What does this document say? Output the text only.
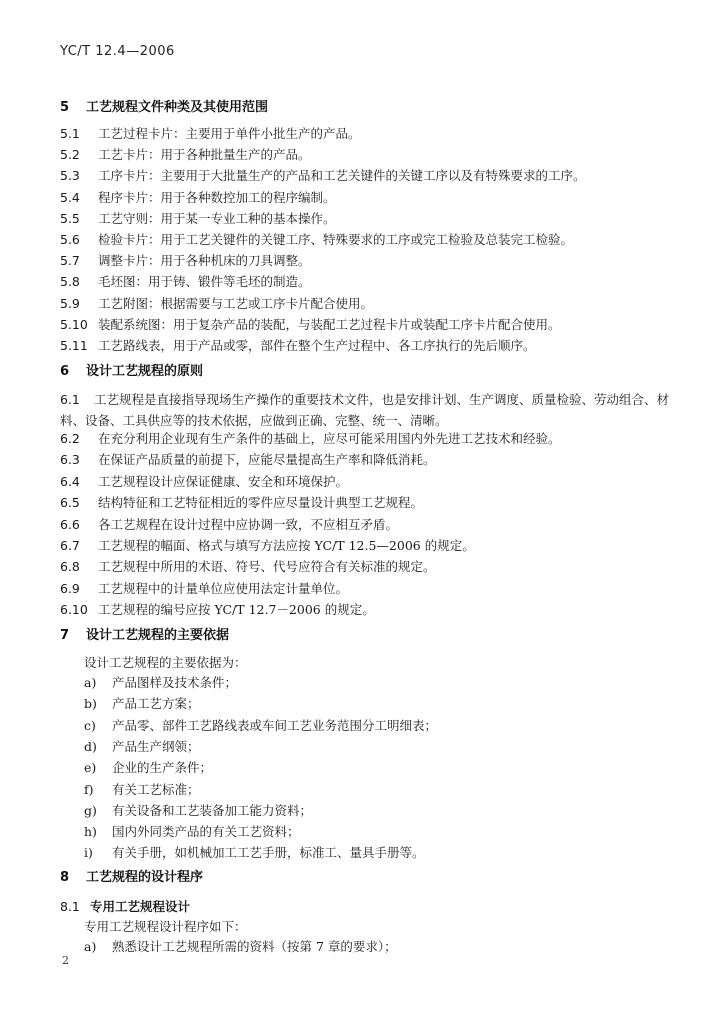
YC/T 12.4—2006
5 工艺规程文件种类及其使用范围
5.1 工艺过程卡片：主要用于单件小批生产的产品。
5.2 工艺卡片：用于各种批量生产的产品。
5.3 工序卡片：主要用于大批量生产的产品和工艺关键件的关键工序以及有特殊要求的工序。
5.4 程序卡片：用于各种数控加工的程序编制。
5.5 工艺守则：用于某一专业工种的基本操作。
5.6 检验卡片：用于工艺关键件的关键工序、特殊要求的工序或完工检验及总装完工检验。
5.7 调整卡片：用于各种机床的刀具调整。
5.8 毛坯图：用于铸、锻件等毛坯的制造。
5.9 工艺附图：根据需要与工艺或工序卡片配合使用。
5.10 装配系统图：用于复杂产品的装配，与装配工艺过程卡片或装配工序卡片配合使用。
5.11 工艺路线表，用于产品或零，部件在整个生产过程中、各工序执行的先后顺序。
6 设计工艺规程的原则
6.1 工艺规程是直接指导现场生产操作的重要技术文件，也是安排计划、生产调度、质量检验、劳动组合、材料、设备、工具供应等的技术依据，应做到正确、完整、统一、清晰。
6.2 在充分利用企业现有生产条件的基础上，应尽可能采用国内外先进工艺技术和经验。
6.3 在保证产品质量的前提下，应能尽量提高生产率和降低消耗。
6.4 工艺规程设计应保证健康、安全和环境保护。
6.5 结构特征和工艺特征相近的零件应尽量设计典型工艺规程。
6.6 各工艺规程在设计过程中应协调一致，不应相互矛盾。
6.7 工艺规程的幅面、格式与填写方法应按 YC/T 12.5—2006 的规定。
6.8 工艺规程中所用的术语、符号、代号应符合有关标准的规定。
6.9 工艺规程中的计量单位应使用法定计量单位。
6.10 工艺规程的编号应按 YC/T 12.7－2006 的规定。
7 设计工艺规程的主要依据
设计工艺规程的主要依据为：
a) 产品图样及技术条件；
b) 产品工艺方案；
c) 产品零、部件工艺路线表或车间工艺业务范围分工明细表；
d) 产品生产纲领；
e) 企业的生产条件；
f) 有关工艺标准；
g) 有关设备和工艺装备加工能力资料；
h) 国内外同类产品的有关工艺资料；
i) 有关手册，如机械加工工艺手册，标准工、量具手册等。
8 工艺规程的设计程序
8.1 专用工艺规程设计
专用工艺规程设计程序如下：
a) 熟悉设计工艺规程所需的资料（按第 7 章的要求）；
2
